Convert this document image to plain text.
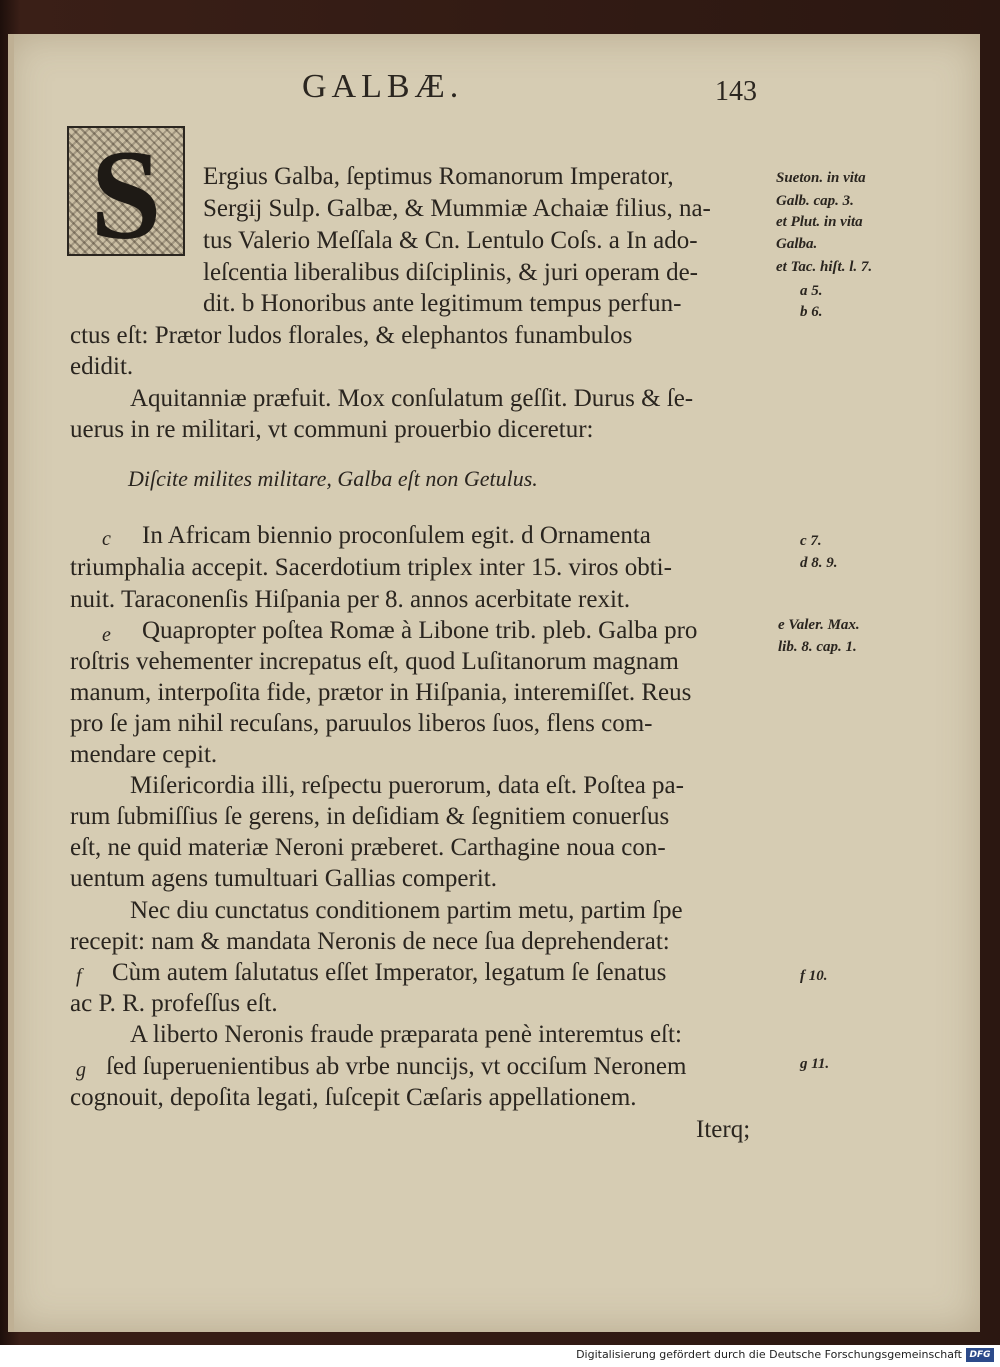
GALBÆ.	143
S	Ergius Galba, ſeptimus Romanorum Imperator,
Sergij Sulp. Galbæ, & Mummiæ Achaiæ filius, na-
tus Valerio Meſſala & Cn. Lentulo Coſs. a In ado-
leſcentia liberalibus diſciplinis, & juri operam de-
dit. b Honoribus ante legitimum tempus perfun-
ctus eſt: Prætor ludos florales, & elephantos funambulos
edidit.
Aquitanniæ præfuit. Mox conſulatum geſſit. Durus & ſe-
uerus in re militari, vt communi prouerbio diceretur:
Diſcite milites militare, Galba eſt non Getulus.
c In Africam biennio proconſulem egit. d Ornamenta
triumphalia accepit. Sacerdotium triplex inter 15. viros obti-
nuit. Taraconenſis Hiſpania per 8. annos acerbitate rexit.
e Quapropter poſtea Romæ à Libone trib. pleb. Galba pro
roſtris vehementer increpatus eſt, quod Luſitanorum magnam
manum, interpoſita fide, prætor in Hiſpania, interemiſſet. Reus
pro ſe jam nihil recuſans, paruulos liberos ſuos, flens com-
mendare cepit.
Miſericordia illi, reſpectu puerorum, data eſt. Poſtea pa-
rum ſubmiſſius ſe gerens, in deſidiam & ſegnitiem conuerſus
eſt, ne quid materiæ Neroni præberet. Carthagine noua con-
uentum agens tumultuari Gallias comperit.
Nec diu cunctatus conditionem partim metu, partim ſpe
recepit: nam & mandata Neronis de nece ſua deprehenderat:
f Cùm autem ſalutatus eſſet Imperator, legatum ſe ſenatus
ac P. R. profeſſus eſt.
A liberto Neronis fraude præparata penè interemtus eſt:
g ſed ſuperuenientibus ab vrbe nuncijs, vt occiſum Neronem
cognouit, depoſita legati, ſuſcepit Cæſaris appellationem.
Iterq;
Sueton. in vita
Galb. cap. 3.
et Plut. in vita
Galba.
et Tac. hiſt. l. 7.
a 5.
b 6.
c 7.
d 8. 9.
e Valer. Max.
lib. 8. cap. 1.
f 10.
g 11.
Digitalisierung gefördert durch die Deutsche Forschungsgemeinschaft DFG
